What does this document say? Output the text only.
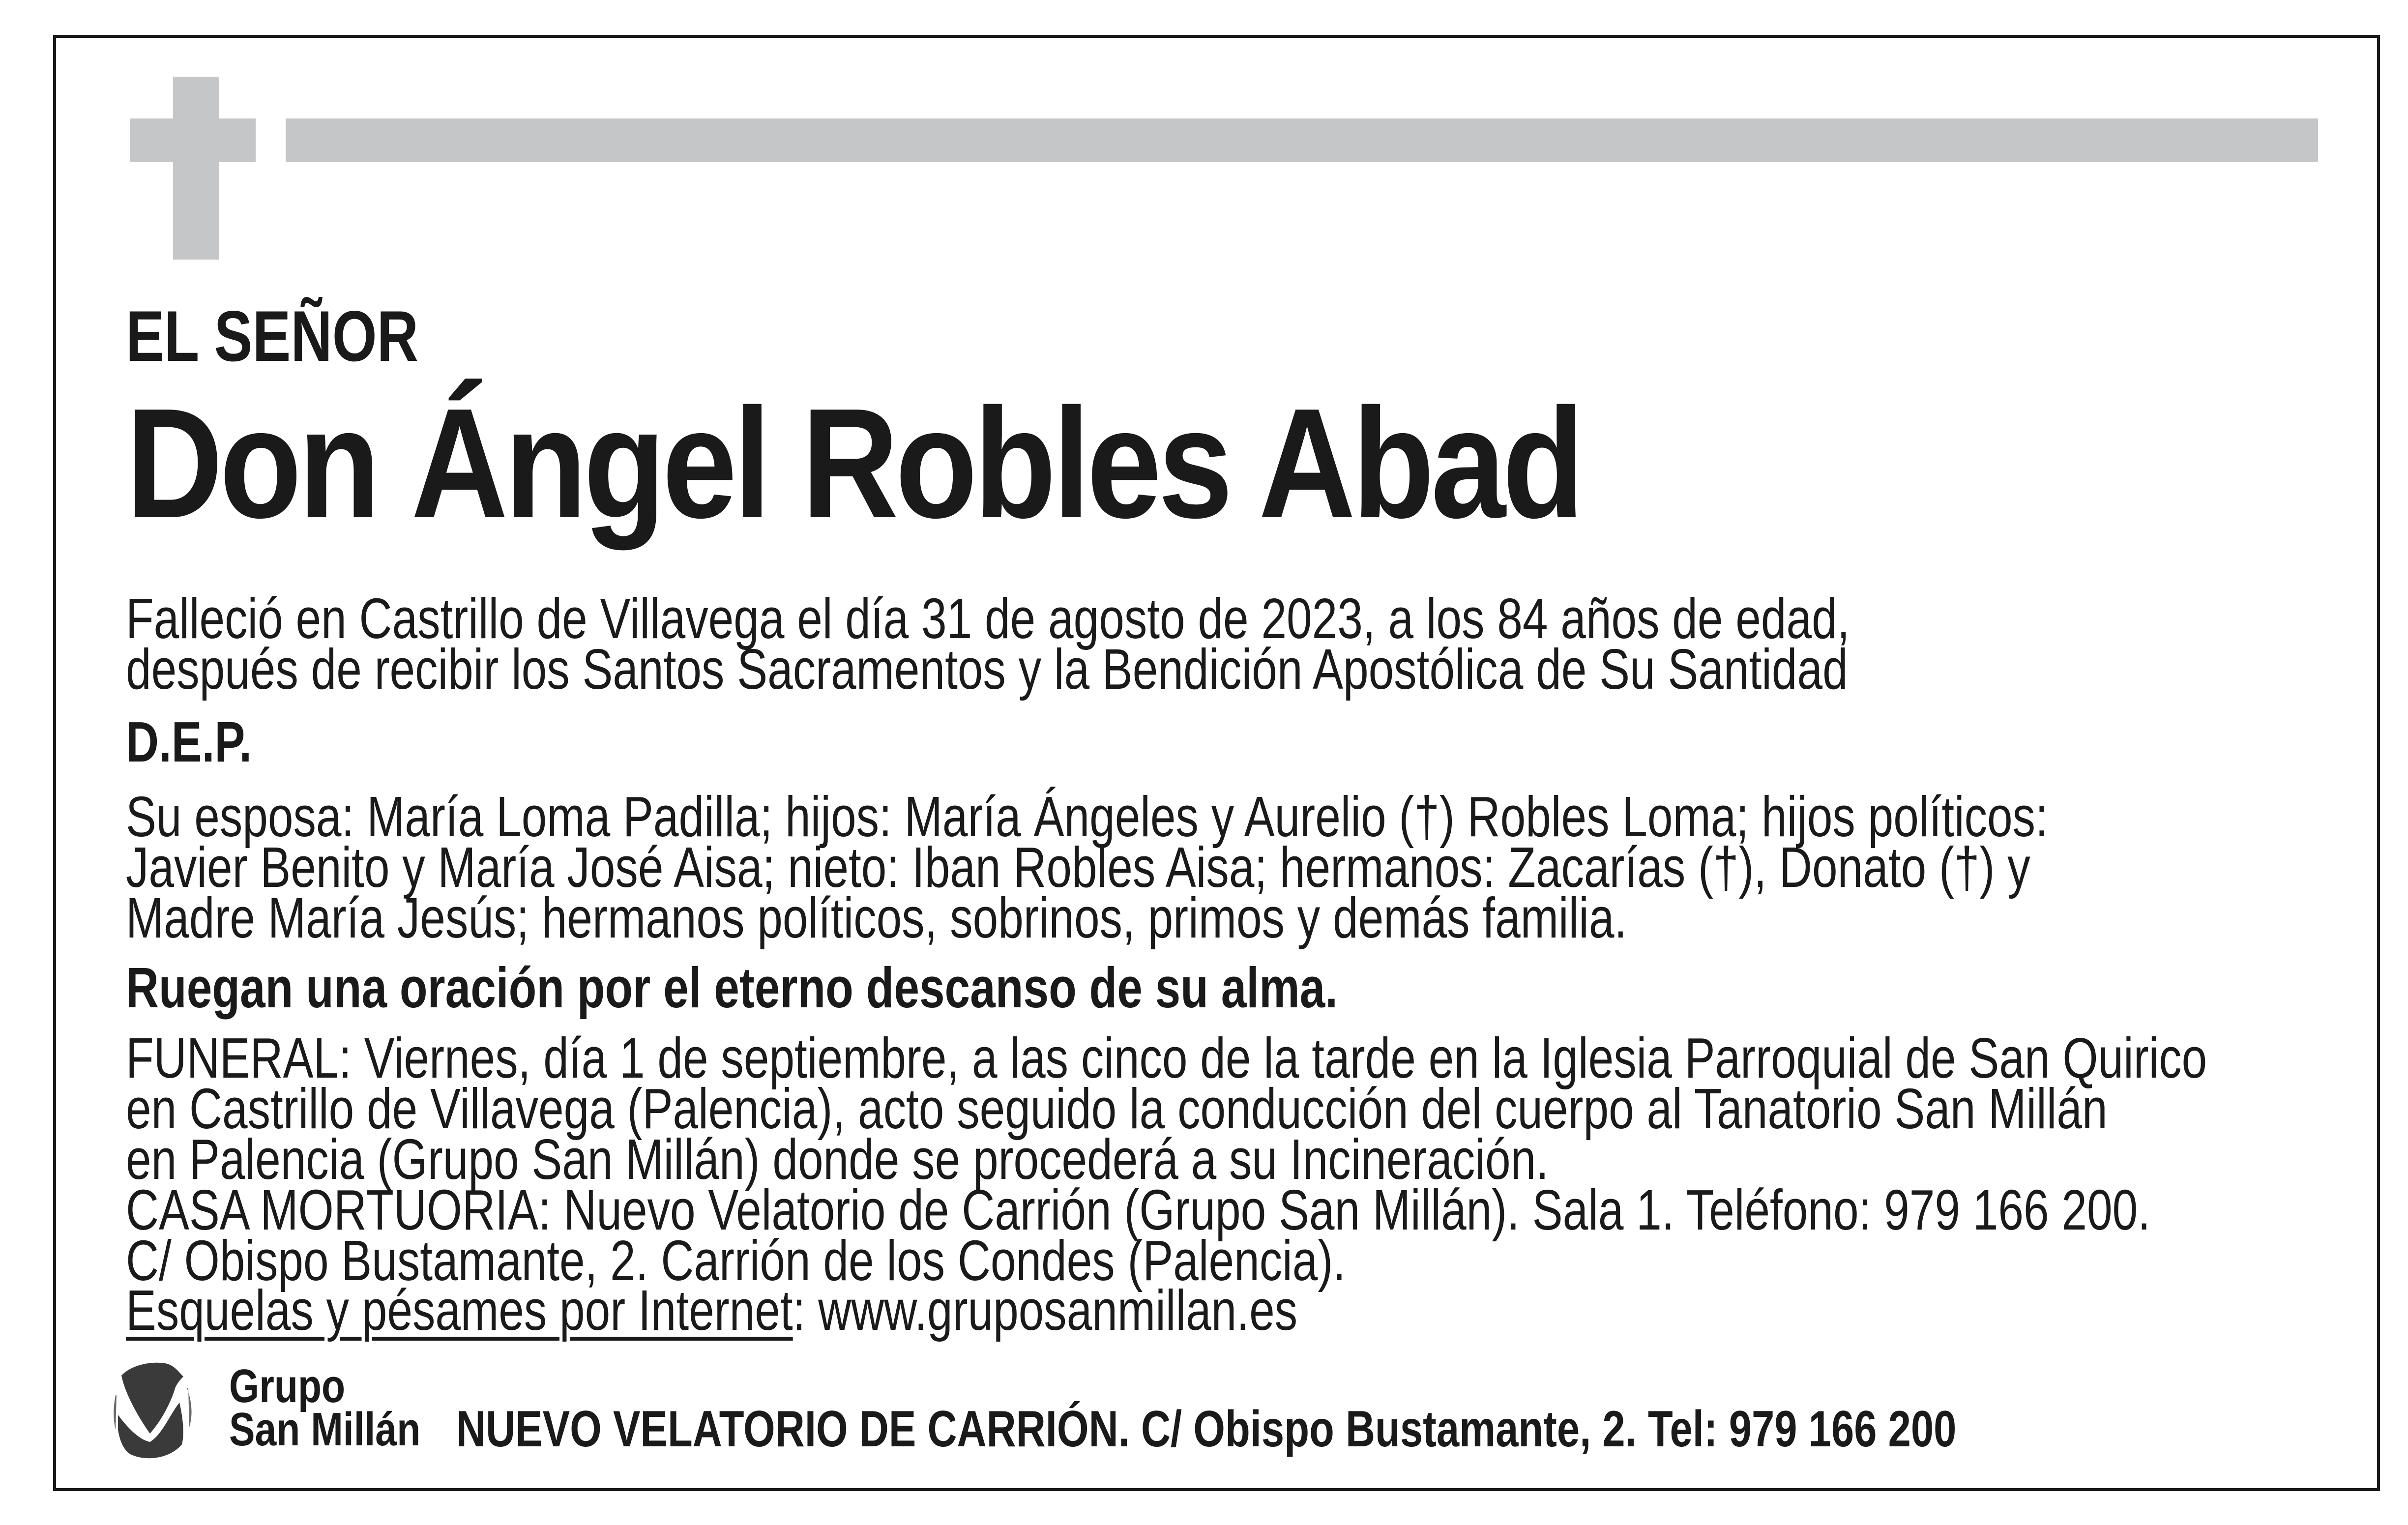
EL SEÑOR
Don Ángel Robles Abad
Falleció en Castrillo de Villavega el día 31 de agosto de 2023, a los 84 años de edad,
después de recibir los Santos Sacramentos y la Bendición Apostólica de Su Santidad
D.E.P.
Su esposa: María Loma Padilla; hijos: María Ángeles y Aurelio (†) Robles Loma; hijos políticos:
Javier Benito y María José Aisa; nieto: Iban Robles Aisa; hermanos: Zacarías (†), Donato (†) y
Madre María Jesús; hermanos políticos, sobrinos, primos y demás familia.
Ruegan una oración por el eterno descanso de su alma.
FUNERAL: Viernes, día 1 de septiembre, a las cinco de la tarde en la Iglesia Parroquial de San Quirico
en Castrillo de Villavega (Palencia), acto seguido la conducción del cuerpo al Tanatorio San Millán
en Palencia (Grupo San Millán) donde se procederá a su Incineración.
CASA MORTUORIA: Nuevo Velatorio de Carrión (Grupo San Millán). Sala 1. Teléfono: 979 166 200.
C/ Obispo Bustamante, 2. Carrión de los Condes (Palencia).
Esquelas y pésames por Internet: www.gruposanmillan.es
Grupo
San Millán NUEVO VELATORIO DE CARRIÓN. C/ Obispo Bustamante, 2. Tel: 979 166 200
